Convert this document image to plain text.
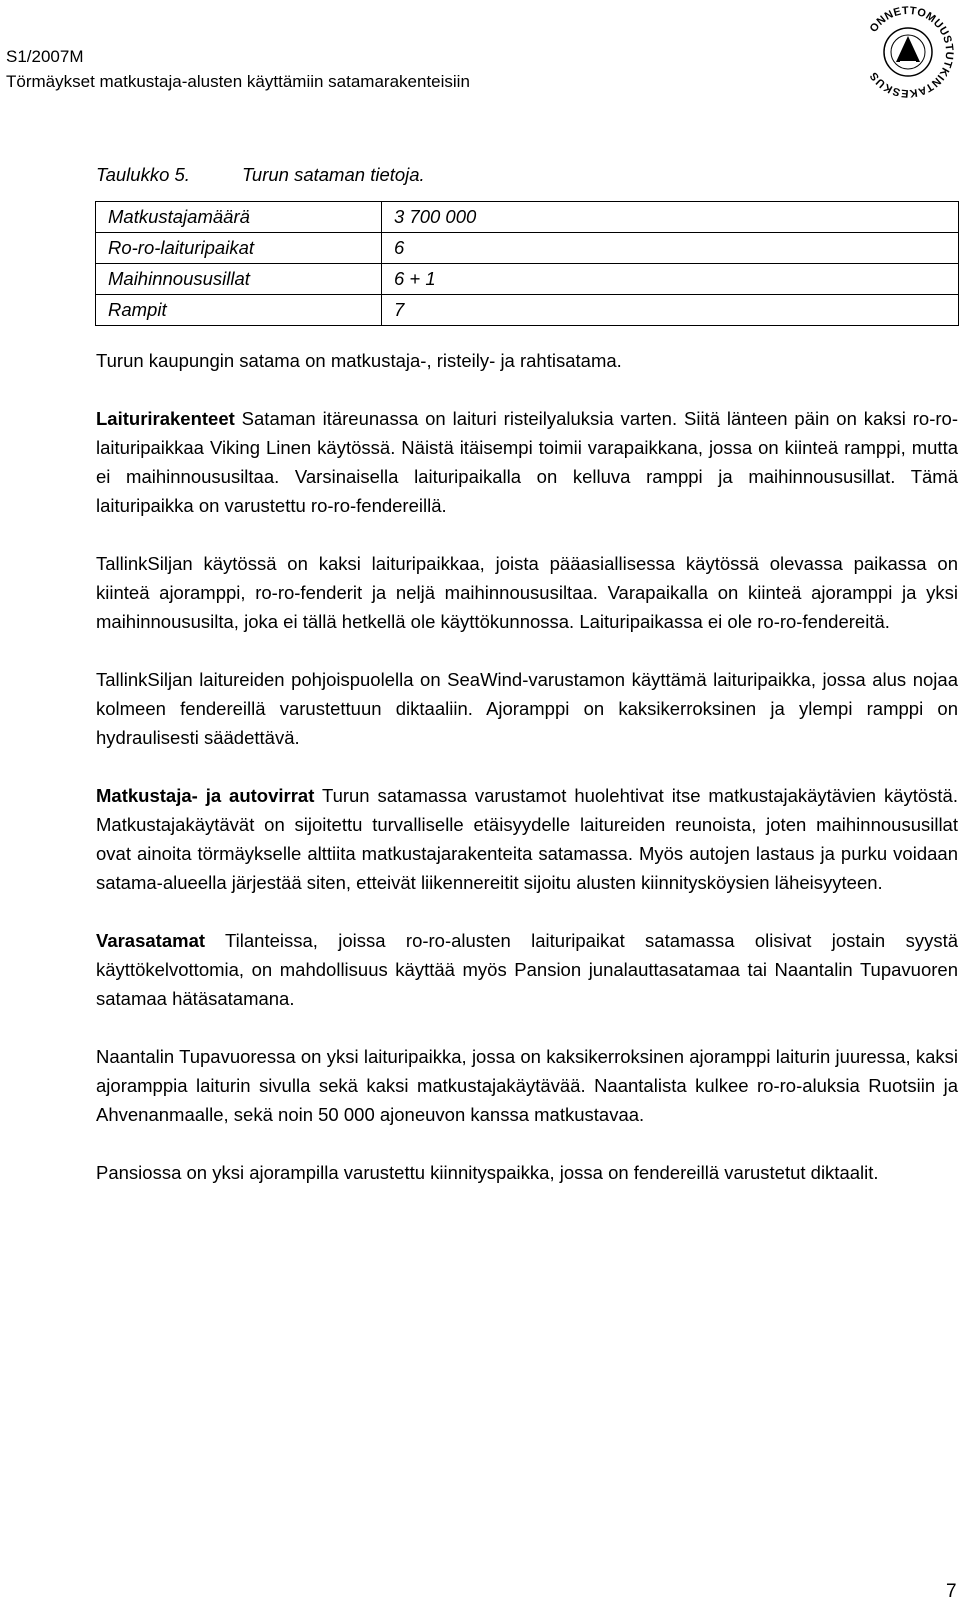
S1/2007M
Törmäykset matkustaja-alusten käyttämiin satamarakenteisiin
ONNETTOMUUSTUTKINTAKESKUS
Taulukko 5.	Turun sataman tietoja.
Matkustajamäärä	3 700 000
Ro-ro-laituripaikat	6
Maihinnoususillat	6 + 1
Rampit	7

Turun kaupungin satama on matkustaja-, risteily- ja rahtisatama.

Laiturirakenteet Sataman itäreunassa on laituri risteilyaluksia varten. Siitä länteen päin on kaksi ro-ro- laituripaikkaa Viking Linen käytössä. Näistä itäisempi toimii varapaikkana, jossa on kiinteä ramppi, mutta ei maihinnoususiltaa. Varsinaisella laituripaikalla on kelluva ramppi ja maihinnoususillat. Tämä laituripaikka on varustettu ro-ro-fendereillä.

TallinkSiljan käytössä on kaksi laituripaikkaa, joista pääasiallisessa käytössä olevassa paikassa on kiinteä ajoramppi, ro-ro-fenderit ja neljä maihinnoususiltaa. Varapaikalla on kiinteä ajoramppi ja yksi maihinnoususilta, joka ei tällä hetkellä ole käyttökunnossa. Laituripaikassa ei ole ro-ro-fendereitä.

TallinkSiljan laitureiden pohjoispuolella on SeaWind-varustamon käyttämä laituripaikka, jossa alus nojaa kolmeen fendereillä varustettuun diktaaliin. Ajoramppi on kaksikerroksinen ja ylempi ramppi on hydraulisesti säädettävä.

Matkustaja- ja autovirrat Turun satamassa varustamot huolehtivat itse matkustajakäytävien käytöstä. Matkustajakäytävät on sijoitettu turvalliselle etäisyydelle laitureiden reunoista, joten maihinnoususillat ovat ainoita törmäykselle alttiita matkustajarakenteita satamassa. Myös autojen lastaus ja purku voidaan satama-alueella järjestää siten, etteivät liikennereitit sijoitu alusten kiinnitysköysien läheisyyteen.

Varasatamat Tilanteissa, joissa ro-ro-alusten laituripaikat satamassa olisivat jostain syystä käyttökelvottomia, on mahdollisuus käyttää myös Pansion junalauttasatamaa tai Naantalin Tupavuoren satamaa hätäsatamana.

Naantalin Tupavuoressa on yksi laituripaikka, jossa on kaksikerroksinen ajoramppi laiturin juuressa, kaksi ajoramppia laiturin sivulla sekä kaksi matkustajakäytävää. Naantalista kulkee ro-ro-aluksia Ruotsiin ja Ahvenanmaalle, sekä noin 50 000 ajoneuvon kanssa matkustavaa.

Pansiossa on yksi ajorampilla varustettu kiinnityspaikka, jossa on fendereillä varustetut diktaalit.

7
